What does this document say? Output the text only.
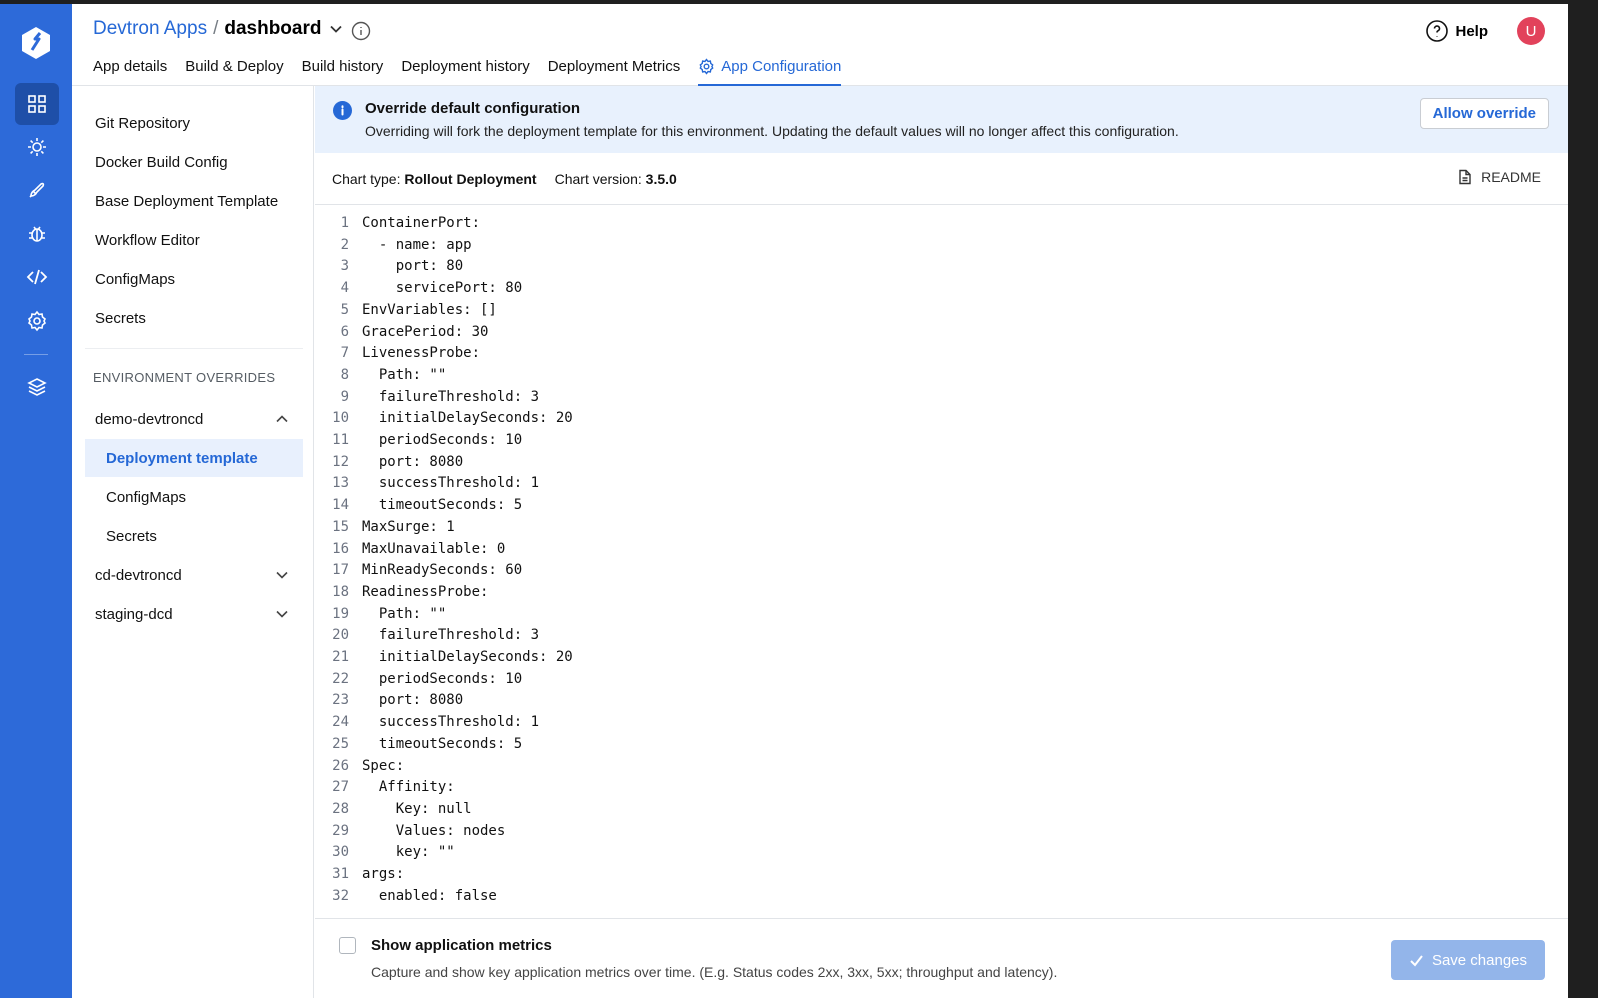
Devtron Apps / dashboard	Help	U
App details Build & Deploy Build history Deployment history Deployment Metrics	App Configuration
Git Repository
Docker Build Config
Base Deployment Template
Workflow Editor
ConfigMaps
Secrets
ENVIRONMENT OVERRIDES
demo-devtroncd
Deployment template
ConfigMaps
Secrets
cd-devtroncd
staging-dcd
Override default configuration
Overriding will fork the deployment template for this environment. Updating the default values will no longer affect this configuration.
Allow override
Chart type:
Rollout Deployment Chart version:
3.5.0	README
1 ContainerPort:
2 - name: app
3 port: 80
4 servicePort: 80
5 EnvVariables: []
6 GracePeriod: 30
7 LivenessProbe:
8 Path: ""
9 failureThreshold: 3
10 initialDelaySeconds: 20
11 periodSeconds: 10
12 port: 8080
13 successThreshold: 1
14 timeoutSeconds: 5
15 MaxSurge: 1
16 MaxUnavailable: 0
17 MinReadySeconds: 60
18 ReadinessProbe:
19 Path: ""
20 failureThreshold: 3
21 initialDelaySeconds: 20
22 periodSeconds: 10
23 port: 8080
24 successThreshold: 1
25 timeoutSeconds: 5
26 Spec:
27 Affinity:
28 Key: null
29 Values: nodes
30 key: ""
31 args:
32 enabled: false
Show application metrics
Capture and show key application metrics over time. (E.g. Status codes 2xx, 3xx, 5xx; throughput and latency).
Save changes
